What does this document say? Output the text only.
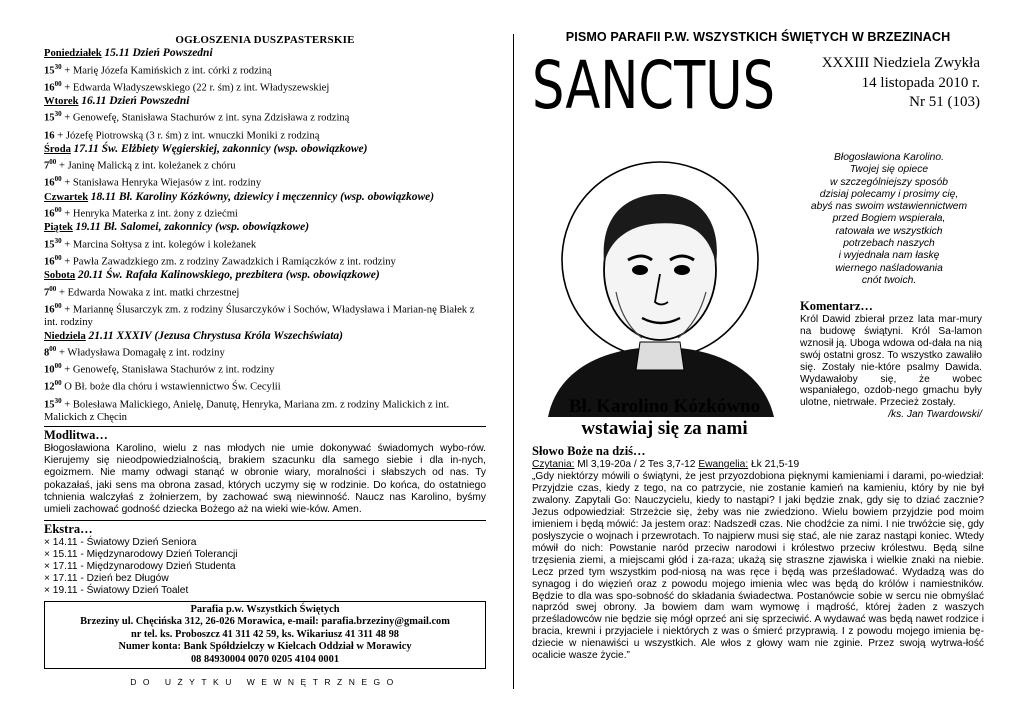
OGŁOSZENIA DUSZPASTERSKIE
Poniedziałek 15.11 Dzień Powszedni
$15^{30}$ + Marię Józefa Kamińskich z int. córki z rodziną
$16^{00}$ + Edwarda Władyszewskiego (22 r. śm) z int. Władyszewskiej
Wtorek 16.11 Dzień Powszedni
$15^{30}$ + Genowefę, Stanisława Stachurów z int. syna Zdzisława z rodziną
16 + Józefę Piotrowską (3 r. śm) z int. wnuczki Moniki z rodziną
Środa 17.11 Św. Elżbiety Węgierskiej, zakonnicy (wsp. obowiązkowe)
$7^{00}$ + Janinę Malicką z int. koleżanek z chóru
$16^{00}$ + Stanisława Henryka Wiejasów z int. rodziny
Czwartek 18.11 Bł. Karoliny Kózkówny, dziewicy i męczennicy (wsp. obowiązkowe)
$16^{00}$ + Henryka Materka z int. żony z dziećmi
Piątek 19.11 Bł. Salomei, zakonnicy (wsp. obowiązkowe)
$15^{30}$ + Marcina Sołtysa z int. kolegów i koleżanek
$16^{00}$ + Pawła Zawadzkiego zm. z rodziny Zawadzkich i Ramiączków z int. rodziny
Sobota 20.11 Św. Rafała Kalinowskiego, prezbitera (wsp. obowiązkowe)
$7^{00}$ + Edwarda Nowaka z int. matki chrzestnej
$16^{00}$ + Mariannę Ślusarczyk zm. z rodziny Ślusarczyków i Sochów, Władysława i Marian-nę Białek z int. rodziny
Niedziela 21.11 XXXIV (Jezusa Chrystusa Króla Wszechświata)
$8^{00}$ + Władysława Domagałę z int. rodziny
$10^{00}$ + Genowefę, Stanisława Stachurów z int. rodziny
$12^{00}$ O Bł. boże dla chóru i wstawiennictwo Św. Cecylii
$15^{30}$ + Bolesława Malickiego, Anielę, Danutę, Henryka, Mariana zm. z rodziny Malickich z int. Malickich z Chęcin
Modlitwa…
Błogosławiona Karolino, wielu z nas młodych nie umie dokonywać świadomych wybo-rów. Kierujemy się nieodpowiedzialnością, brakiem szacunku dla samego siebie i dla in-nych, egoizmem. Nie mamy odwagi stanąć w obronie wiary, moralności i słabszych od nas. Ty pokazałaś, jaki sens ma obrona zasad, których uczymy się w rodzinie. Do końca, do ostatniego tchnienia walczyłaś z żołnierzem, by zachować swą niewinność. Naucz nas Karolino, byśmy umieli zachować godność dziecka Bożego aż na wieki wie-ków. Amen.
Ekstra…
× 14.11 - Światowy Dzień Seniora
× 15.11 - Międzynarodowy Dzień Tolerancji
× 17.11 - Międzynarodowy Dzień Studenta
× 17.11 - Dzień bez Długów
× 19.11 - Światowy Dzień Toalet
Parafia p.w. Wszystkich Świętych
Brzeziny ul. Chęcińska 312, 26-026 Morawica, e-mail: parafia.brzeziny@gmail.com
nr tel. ks. Proboszcz 41 311 42 59, ks. Wikariusz 41 311 48 98
Numer konta: Bank Spółdzielczy w Kielcach Oddział w Morawicy
08 84930004 0070 0205 4104 0001
DO UŻYTKU WEWNĘTRZNEGO
PISMO PARAFII P.W. WSZYSTKICH ŚWIĘTYCH W BRZEZINACH
SANCTUS	XXXIII Niedziela Zwykła
14 listopada 2010 r.
Nr 51 (103)
Błogosławiona Karolino.
Twojej się opiece
w szczególniejszy sposób
dzisiaj polecamy i prosimy cię,
abyś nas swoim wstawiennictwem
przed Bogiem wspierała,
ratowała we wszystkich
potrzebach naszych
i wyjednała nam łaskę
wiernego naśladowania
cnót twoich.
Komentarz…
Król Dawid zbierał przez lata mar-mury na budowę świątyni. Król Sa-lamon wznosił ją. Uboga wdowa od-dała na nią swój ostatni grosz. To wszystko zawaliło się. Zostały nie-które psalmy Dawida. Wydawałoby się, że wobec wspaniałego, ozdob-nego gmachu były ulotne, nietrwałe. Przecież zostały.
/ks. Jan Twardowski/
Bł. Karolino Kózkówno
wstawiaj się za nami
Słowo Boże na dziś…
Czytania: Ml 3,19-20a / 2 Tes 3,7-12 Ewangelia: Łk 21,5-19
„Gdy niektórzy mówili o świątyni, że jest przyozdobiona pięknymi kamieniami i darami, po-wiedział: Przyjdzie czas, kiedy z tego, na co patrzycie, nie zostanie kamień na kamieniu, który by nie był zwalony. Zapytali Go: Nauczycielu, kiedy to nastąpi? I jaki będzie znak, gdy się to dziać zacznie? Jezus odpowiedział: Strzeżcie się, żeby was nie zwiedziono. Wielu bowiem przyjdzie pod moim imieniem i będą mówić: Ja jestem oraz: Nadszedł czas. Nie chodźcie za nimi. I nie trwóżcie się, gdy posłyszycie o wojnach i przewrotach. To najpierw musi się stać, ale nie zaraz nastąpi koniec. Wtedy mówił do nich: Powstanie naród przeciw narodowi i królestwo przeciw królestwu. Będą silne trzęsienia ziemi, a miejscami głód i za-raza; ukażą się straszne zjawiska i wielkie znaki na niebie. Lecz przed tym wszystkim pod-niosą na was ręce i będą was prześladować. Wydadzą was do synagog i do więzień oraz z powodu mojego imienia wlec was będą do królów i namiestników. Będzie to dla was spo-sobność do składania świadectwa. Postanówcie sobie w sercu nie obmyślać naprzód swej obrony. Ja bowiem dam wam wymowę i mądrość, której żaden z waszych prześladowców nie będzie się mógł oprzeć ani się sprzeciwić. A wydawać was będą nawet rodzice i bracia, krewni i przyjaciele i niektórych z was o śmierć przyprawią. I z powodu mojego imienia bę-dziecie w nienawiści u wszystkich. Ale włos z głowy wam nie zginie. Przez swoją wytrwa-łość ocalicie wasze życie.”
